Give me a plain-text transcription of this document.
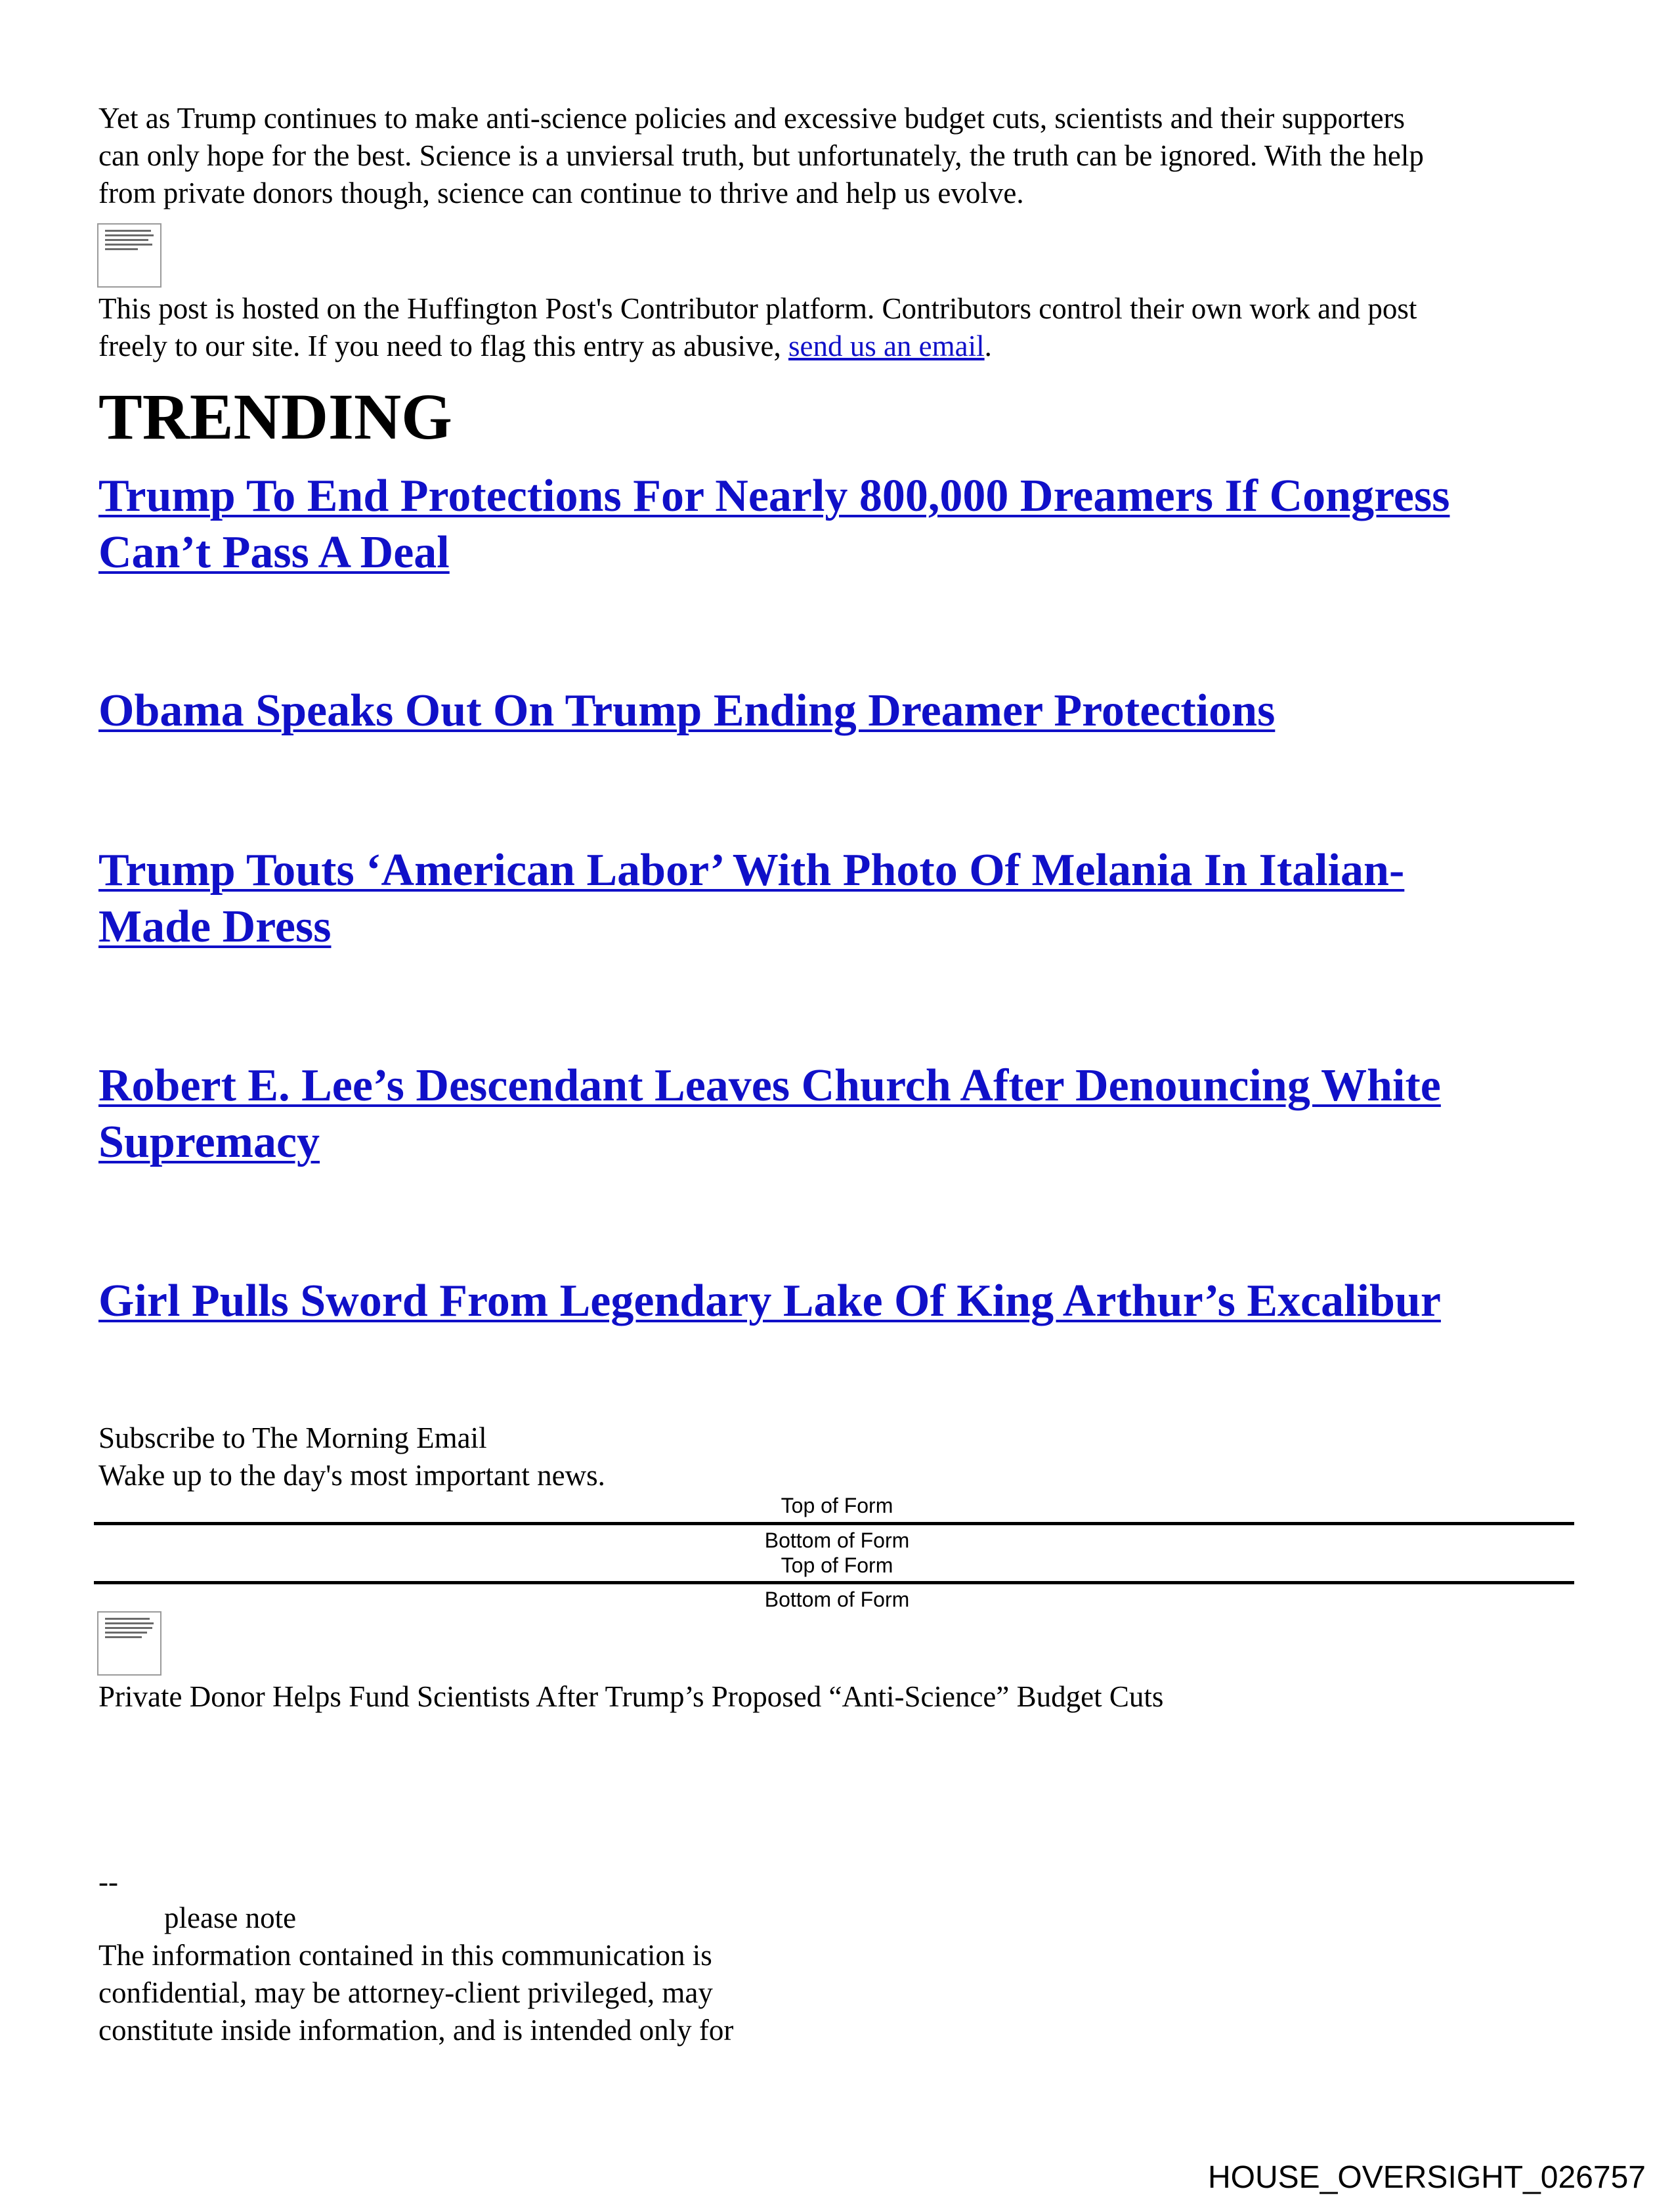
Yet as Trump continues to make anti-science policies and excessive budget cuts, scientists and their supporters
can only hope for the best. Science is a unviersal truth, but unfortunately, the truth can be ignored. With the help
from private donors though, science can continue to thrive and help us evolve.
This post is hosted on the Huffington Post's Contributor platform. Contributors control their own work and post
freely to our site. If you need to flag this entry as abusive, send us an email.
TRENDING
Trump To End Protections For Nearly 800,000 Dreamers If Congress
Can’t Pass A Deal
Obama Speaks Out On Trump Ending Dreamer Protections
Trump Touts ‘American Labor’ With Photo Of Melania In Italian-
Made Dress
Robert E. Lee’s Descendant Leaves Church After Denouncing White
Supremacy
Girl Pulls Sword From Legendary Lake Of King Arthur’s Excalibur
Subscribe to The Morning Email
Wake up to the day's most important news.
Top of Form
Bottom of Form
Top of Form
Bottom of Form
Private Donor Helps Fund Scientists After Trump’s Proposed “Anti-Science” Budget Cuts
--
please note
The information contained in this communication is
confidential, may be attorney-client privileged, may
constitute inside information, and is intended only for
HOUSE_OVERSIGHT_026757
